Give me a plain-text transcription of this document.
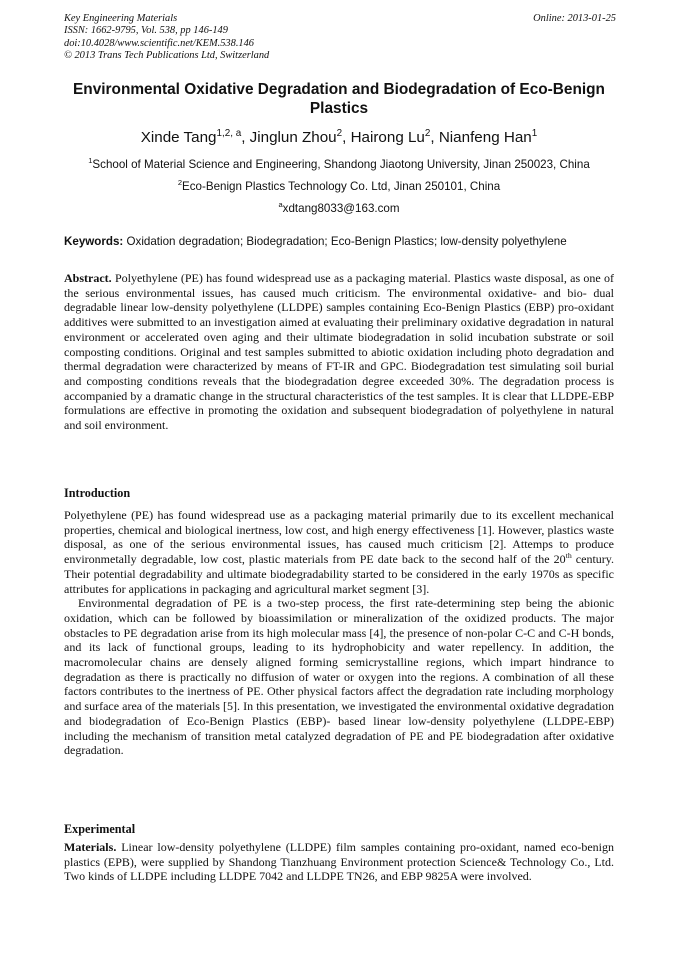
Key Engineering Materials
ISSN: 1662-9795, Vol. 538, pp 146-149
doi:10.4028/www.scientific.net/KEM.538.146
© 2013 Trans Tech Publications Ltd, Switzerland
Online: 2013-01-25
Environmental Oxidative Degradation and Biodegradation of Eco-Benign Plastics
Xinde Tang$^{1,2, a}$, Jinglun Zhou$^2$, Hairong Lu$^2$, Nianfeng Han$^1$
$^1$School of Material Science and Engineering, Shandong Jiaotong University, Jinan 250023, China
$^2$Eco-Benign Plastics Technology Co. Ltd, Jinan 250101, China
$^a$xdtang8033@163.com
Keywords: Oxidation degradation; Biodegradation; Eco-Benign Plastics; low-density polyethylene
Abstract. Polyethylene (PE) has found widespread use as a packaging material. Plastics waste disposal, as one of the serious environmental issues, has caused much criticism. The environmental oxidative- and bio- dual degradable linear low-density polyethylene (LLDPE) samples containing Eco-Benign Plastics (EBP) pro-oxidant additives were submitted to an investigation aimed at evaluating their preliminary oxidative degradation in natural environment or accelerated oven aging and their ultimate biodegradation in solid incubation substrate or soil composting conditions. Original and test samples submitted to abiotic oxidation including photo degradation and thermal degradation were characterized by means of FT-IR and GPC. Biodegradation test simulating soil burial and composting conditions reveals that the biodegradation degree exceeded 30%. The degradation process is accompanied by a dramatic change in the structural characteristics of the test samples. It is clear that LLDPE-EBP formulations are effective in promoting the oxidation and subsequent biodegradation of polyethylene in natural and soil environment.
Introduction

Polyethylene (PE) has found widespread use as a packaging material primarily due to its excellent mechanical properties, chemical and biological inertness, low cost, and high energy effectiveness [1]. However, plastics waste disposal, as one of the serious environmental issues, has caused much criticism [2]. Attemps to produce environmetally degradable, low cost, plastic materials from PE date back to the second half of the 20th century. Their potential degradability and ultimate biodegradability started to be considered in the early 1970s as specific attributes for applications in packaging and agricultural market segment [3].

Environmental degradation of PE is a two-step process, the first rate-determining step being the abionic oxidation, which can be followed by bioassimilation or mineralization of the oxidized products. The major obstacles to PE degradation arise from its high molecular mass [4], the presence of non-polar C-C and C-H bonds, and its lack of functional groups, leading to its hydrophobicity and water repellency. In addition, the macromolecular chains are densely aligned forming semicrystalline regions, which impart hindrance to degradation as there is practically no diffusion of water or oxygen into the regions. A combination of all these factors contributes to the inertness of PE. Other physical factors affect the degradation rate including morphology and surface area of the materials [5]. In this presentation, we investigated the environmental oxidative degradation and biodegradation of Eco-Benign Plastics (EBP)- based linear low-density polyethylene (LLDPE-EBP) including the mechanism of transition metal catalyzed degradation of PE and PE biodegradation after oxidative degradation.

Experimental

Materials. Linear low-density polyethylene (LLDPE) film samples containing pro-oxidant, named eco-benign plastics (EPB), were supplied by Shandong Tianzhuang Environment protection Science& Technology Co., Ltd. Two kinds of LLDPE including LLDPE 7042 and LLDPE TN26, and EBP 9825A were involved.
